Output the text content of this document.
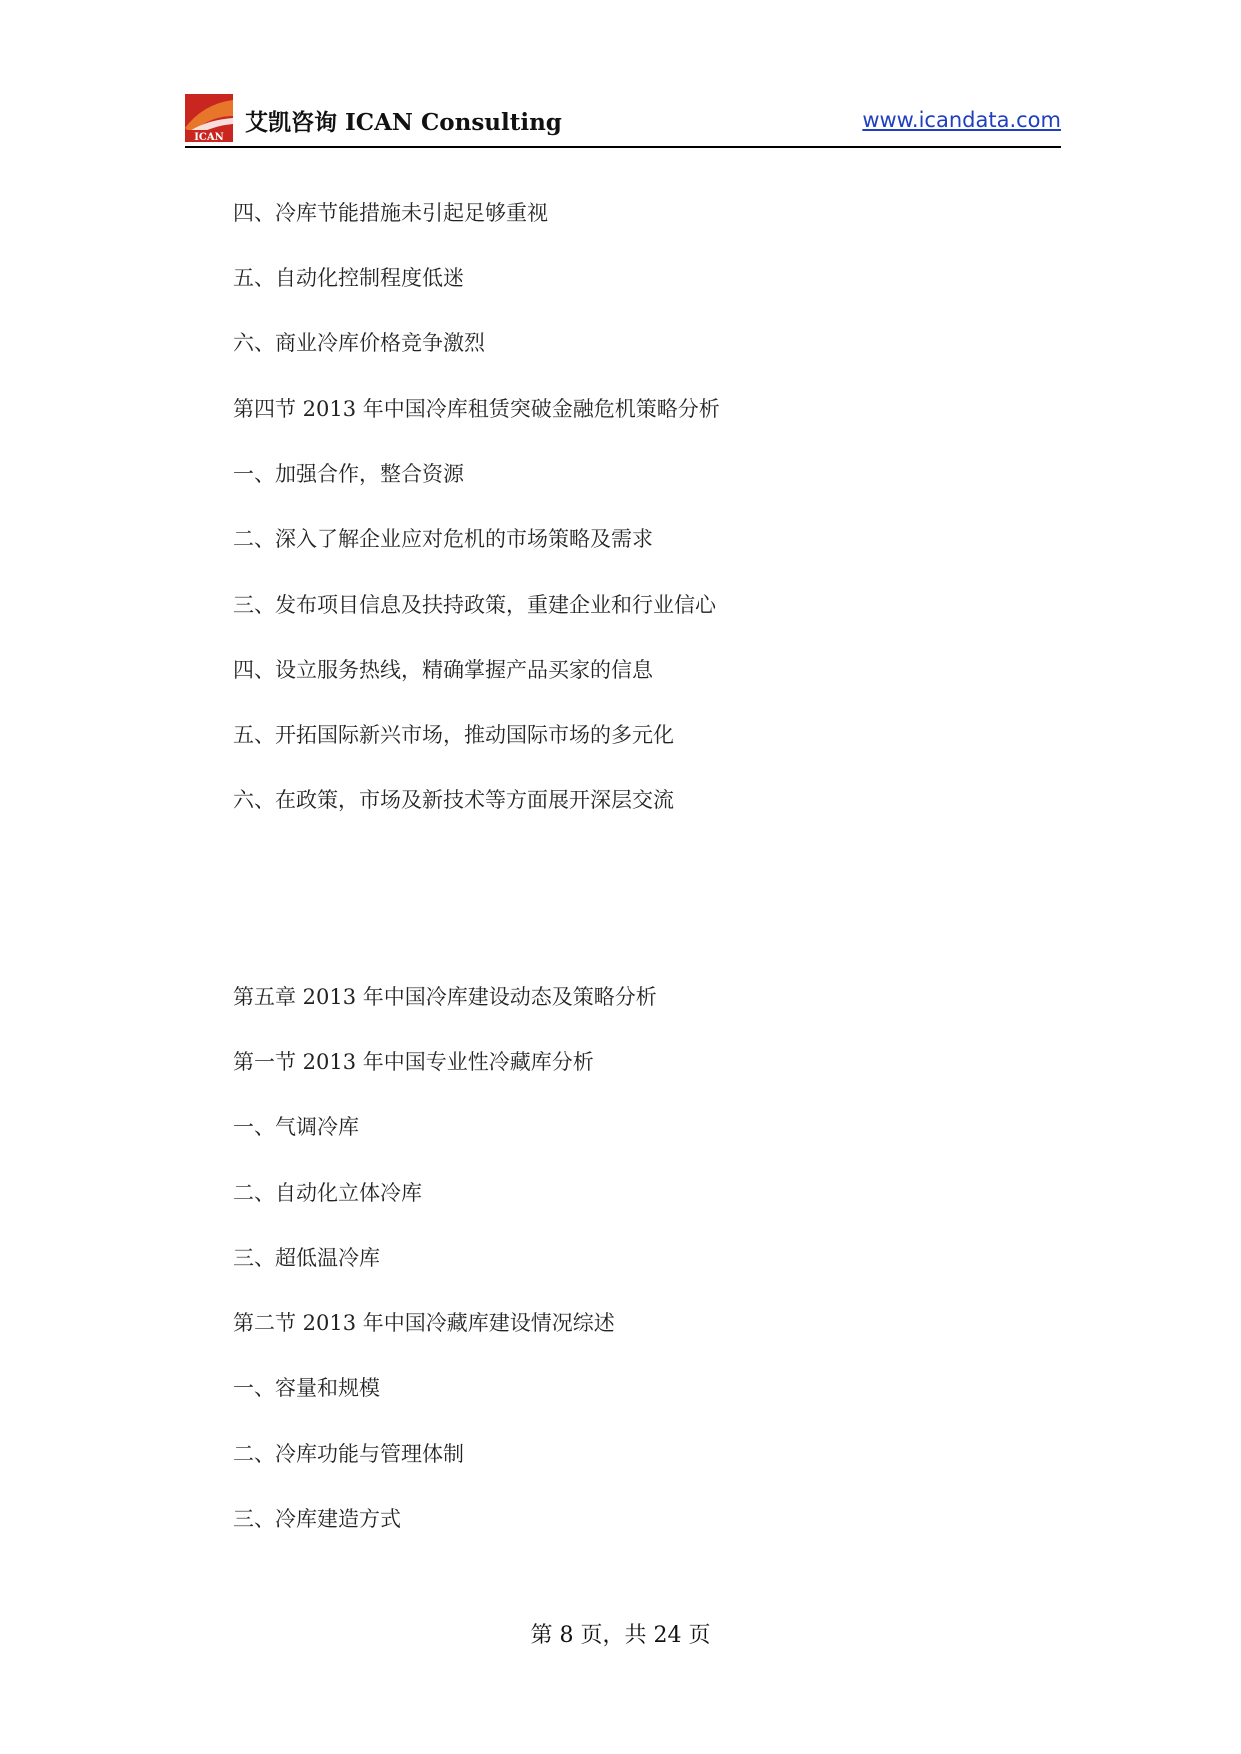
ICAN
艾凯咨询 ICAN Consulting	www.icandata.com
四、冷库节能措施未引起足够重视
五、自动化控制程度低迷
六、商业冷库价格竞争激烈
第四节 2013 年中国冷库租赁突破金融危机策略分析
一、加强合作，整合资源
二、深入了解企业应对危机的市场策略及需求
三、发布项目信息及扶持政策，重建企业和行业信心
四、设立服务热线，精确掌握产品买家的信息
五、开拓国际新兴市场，推动国际市场的多元化
六、在政策，市场及新技术等方面展开深层交流
第五章 2013 年中国冷库建设动态及策略分析
第一节 2013 年中国专业性冷藏库分析
一、气调冷库
二、自动化立体冷库
三、超低温冷库
第二节 2013 年中国冷藏库建设情况综述
一、容量和规模
二、冷库功能与管理体制
三、冷库建造方式
第 8 页，共 24 页
